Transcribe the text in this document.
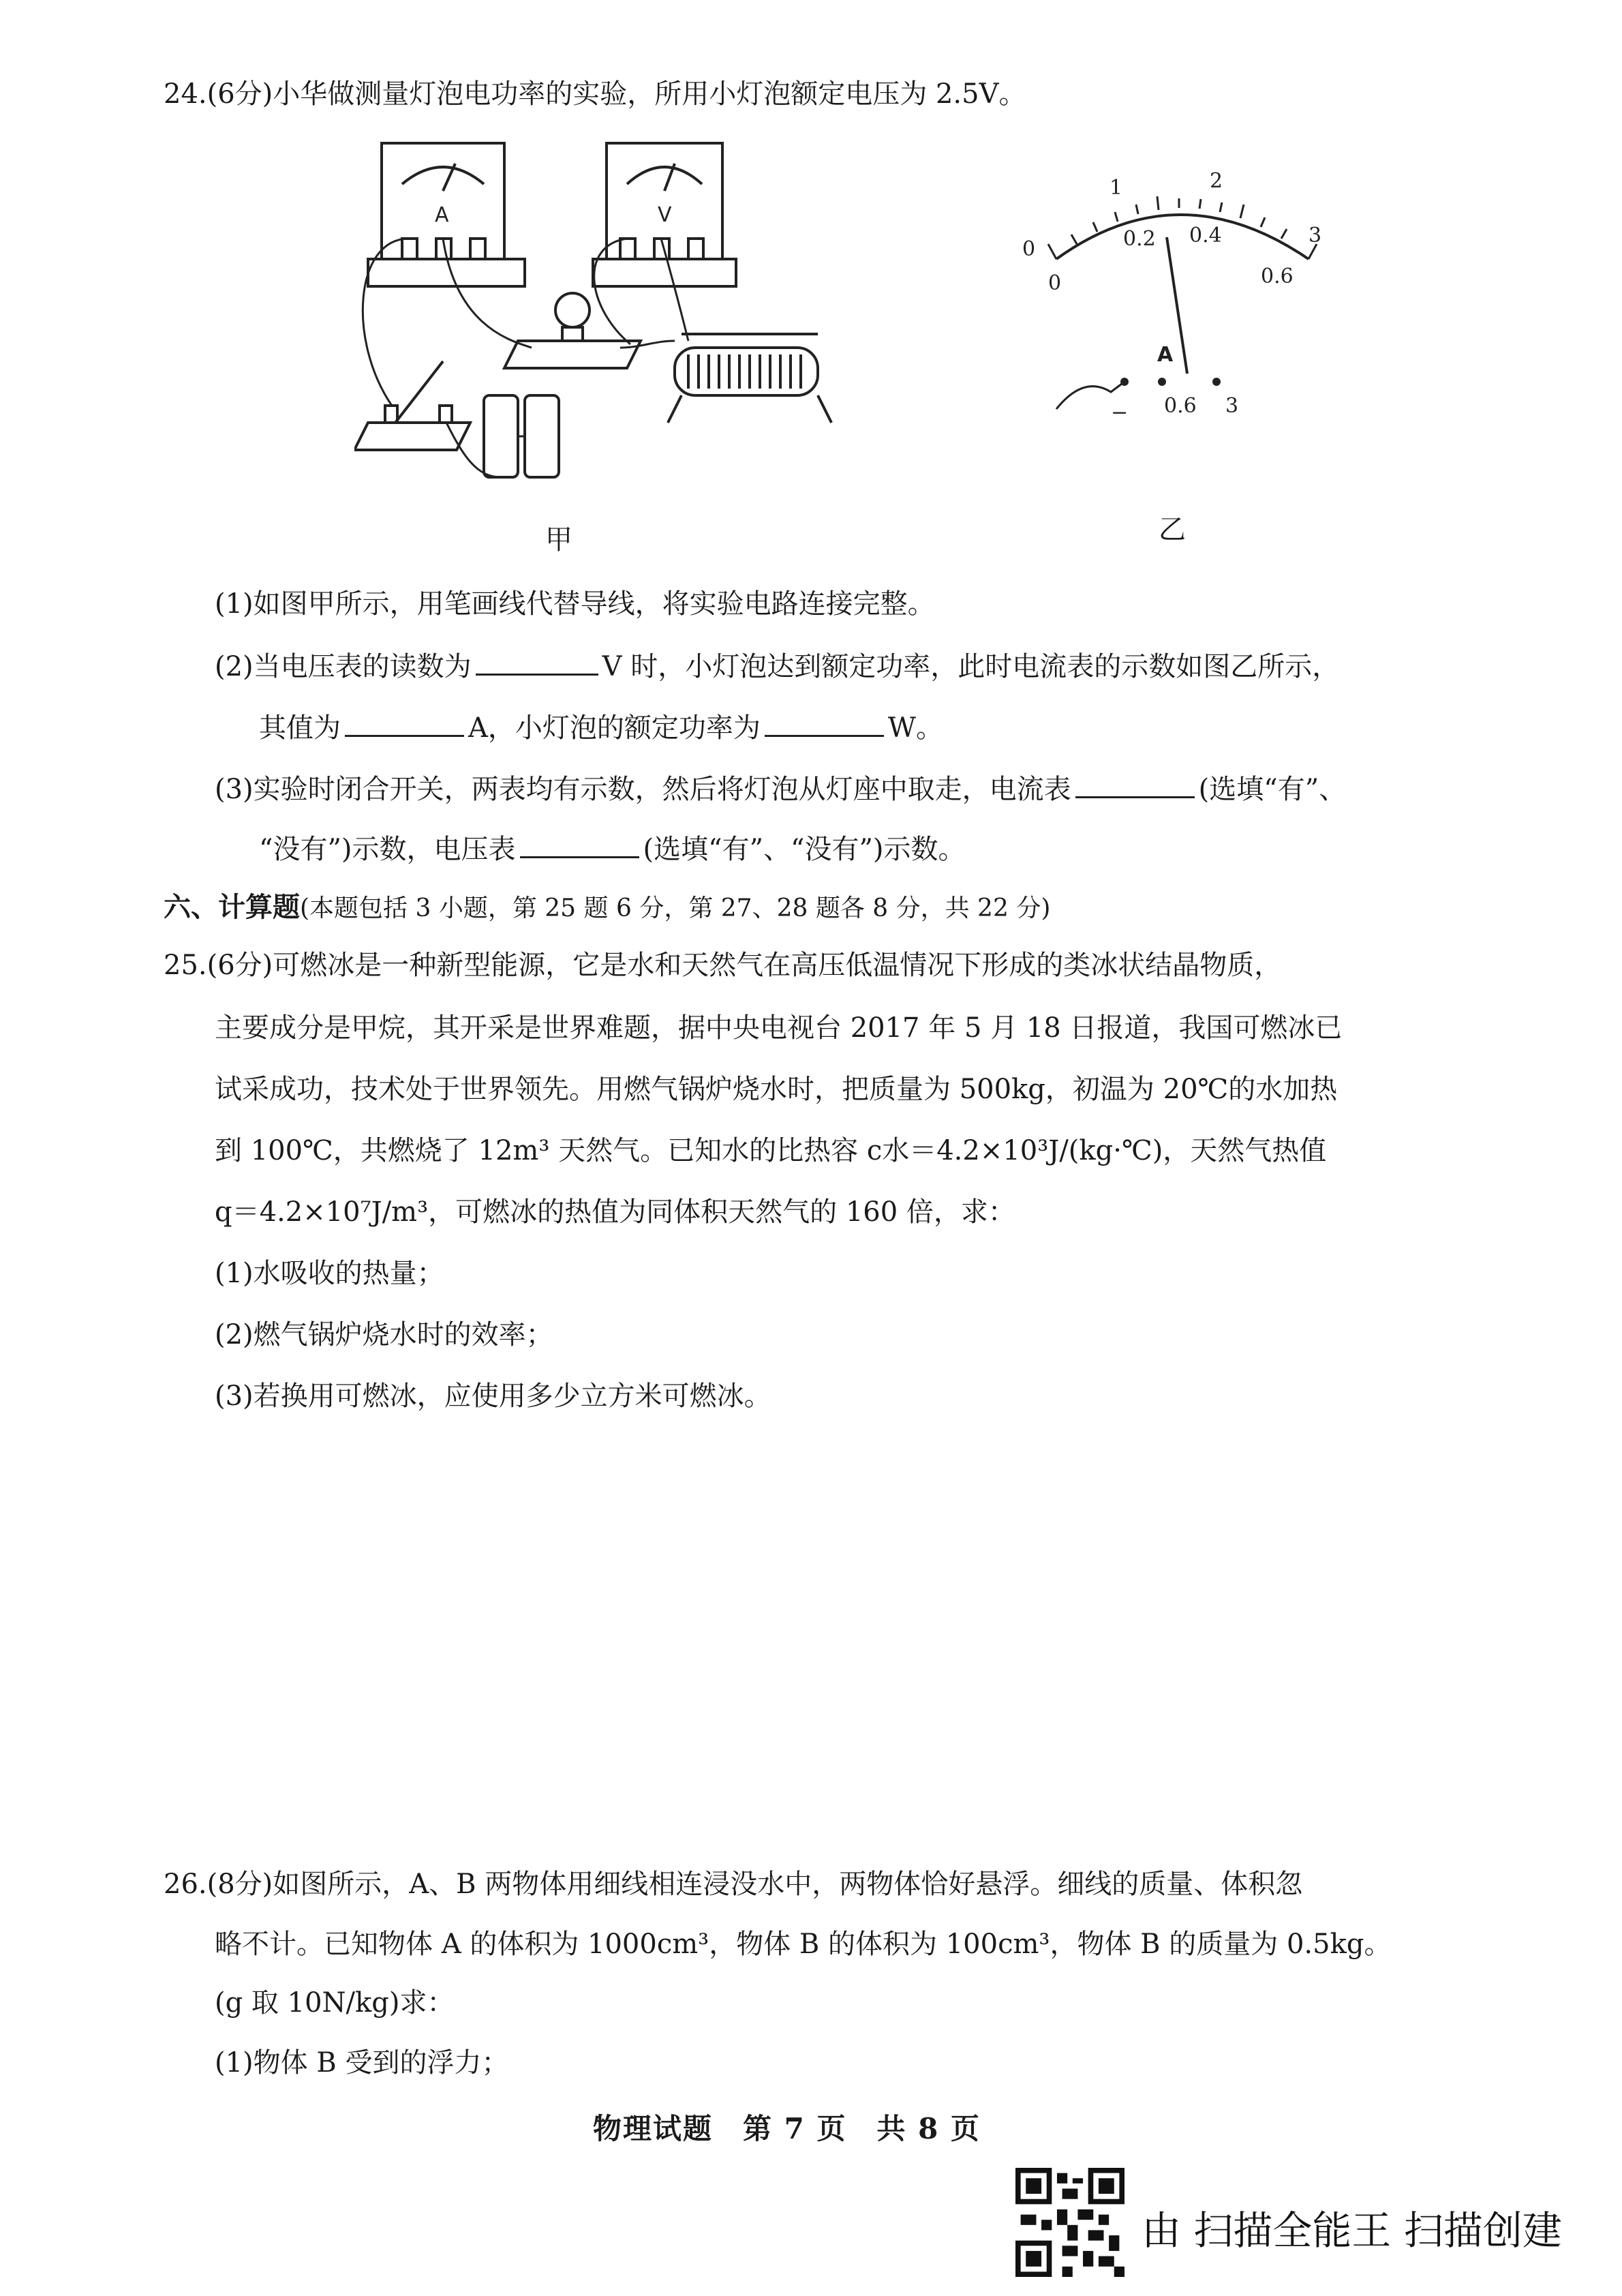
24.(6分)小华做测量灯泡电功率的实验，所用小灯泡额定电压为 2.5V。
A	V
甲
0
1	2
3
0
0.2 0.4
0.6
A
− 0.6 3
乙
(1)如图甲所示，用笔画线代替导线，将实验电路连接完整。
(2)当电压表的读数为	V 时，小灯泡达到额定功率，此时电流表的示数如图乙所示，
其值为	A，小灯泡的额定功率为	W。
(3)实验时闭合开关，两表均有示数，然后将灯泡从灯座中取走，电流表	(选填“有”、
“没有”)示数，电压表	(选填“有”、“没有”)示数。
六、计算题(本题包括 3 小题，第 25 题 6 分，第 27、28 题各 8 分，共 22 分)
25.(6分)可燃冰是一种新型能源，它是水和天然气在高压低温情况下形成的类冰状结晶物质，
主要成分是甲烷，其开采是世界难题，据中央电视台 2017 年 5 月 18 日报道，我国可燃冰已
试采成功，技术处于世界领先。用燃气锅炉烧水时，把质量为 500kg，初温为 20℃的水加热
到 100℃，共燃烧了 12m³ 天然气。已知水的比热容 c水＝4.2×10³J/(kg·℃)，天然气热值
q＝4.2×10⁷J/m³，可燃冰的热值为同体积天然气的 160 倍，求：
(1)水吸收的热量；
(2)燃气锅炉烧水时的效率；
(3)若换用可燃冰，应使用多少立方米可燃冰。
26.(8分)如图所示，A、B 两物体用细线相连浸没水中，两物体恰好悬浮。细线的质量、体积忽
略不计。已知物体 A 的体积为 1000cm³，物体 B 的体积为 100cm³，物体 B 的质量为 0.5kg。
(g 取 10N/kg)求：
(1)物体 B 受到的浮力；
物理试题　第 7 页　共 8 页
由 扫描全能王 扫描创建
